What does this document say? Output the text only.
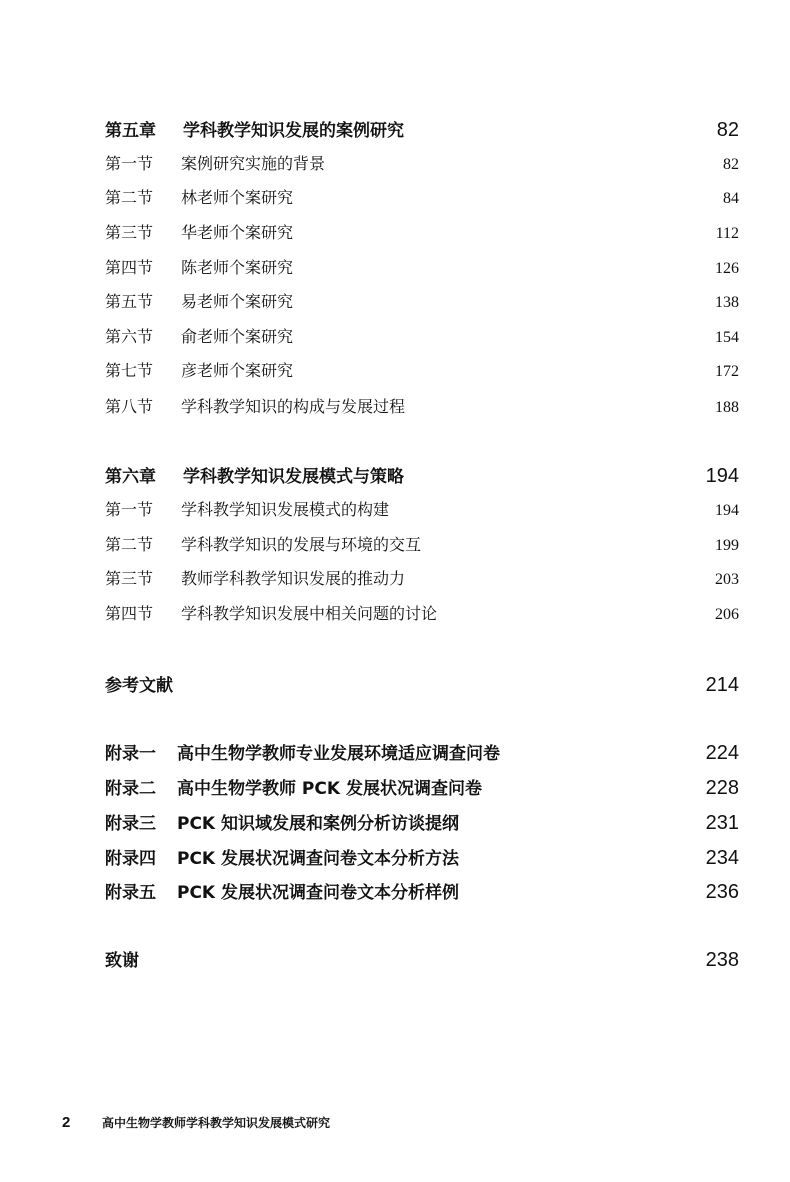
第五章	学科教学知识发展的案例研究	82
第一节	案例研究实施的背景	82
第二节	林老师个案研究	84
第三节	华老师个案研究	112
第四节	陈老师个案研究	126
第五节	易老师个案研究	138
第六节	俞老师个案研究	154
第七节	彦老师个案研究	172
第八节	学科教学知识的构成与发展过程	188
第六章	学科教学知识发展模式与策略	194
第一节	学科教学知识发展模式的构建	194
第二节	学科教学知识的发展与环境的交互	199
第三节	教师学科教学知识发展的推动力	203
第四节	学科教学知识发展中相关问题的讨论	206
参考文献	214
附录一	高中生物学教师专业发展环境适应调查问卷	224
附录二	高中生物学教师 PCK 发展状况调查问卷	228
附录三	PCK 知识域发展和案例分析访谈提纲	231
附录四	PCK 发展状况调查问卷文本分析方法	234
附录五	PCK 发展状况调查问卷文本分析样例	236
致谢	238
2	高中生物学教师学科教学知识发展模式研究
